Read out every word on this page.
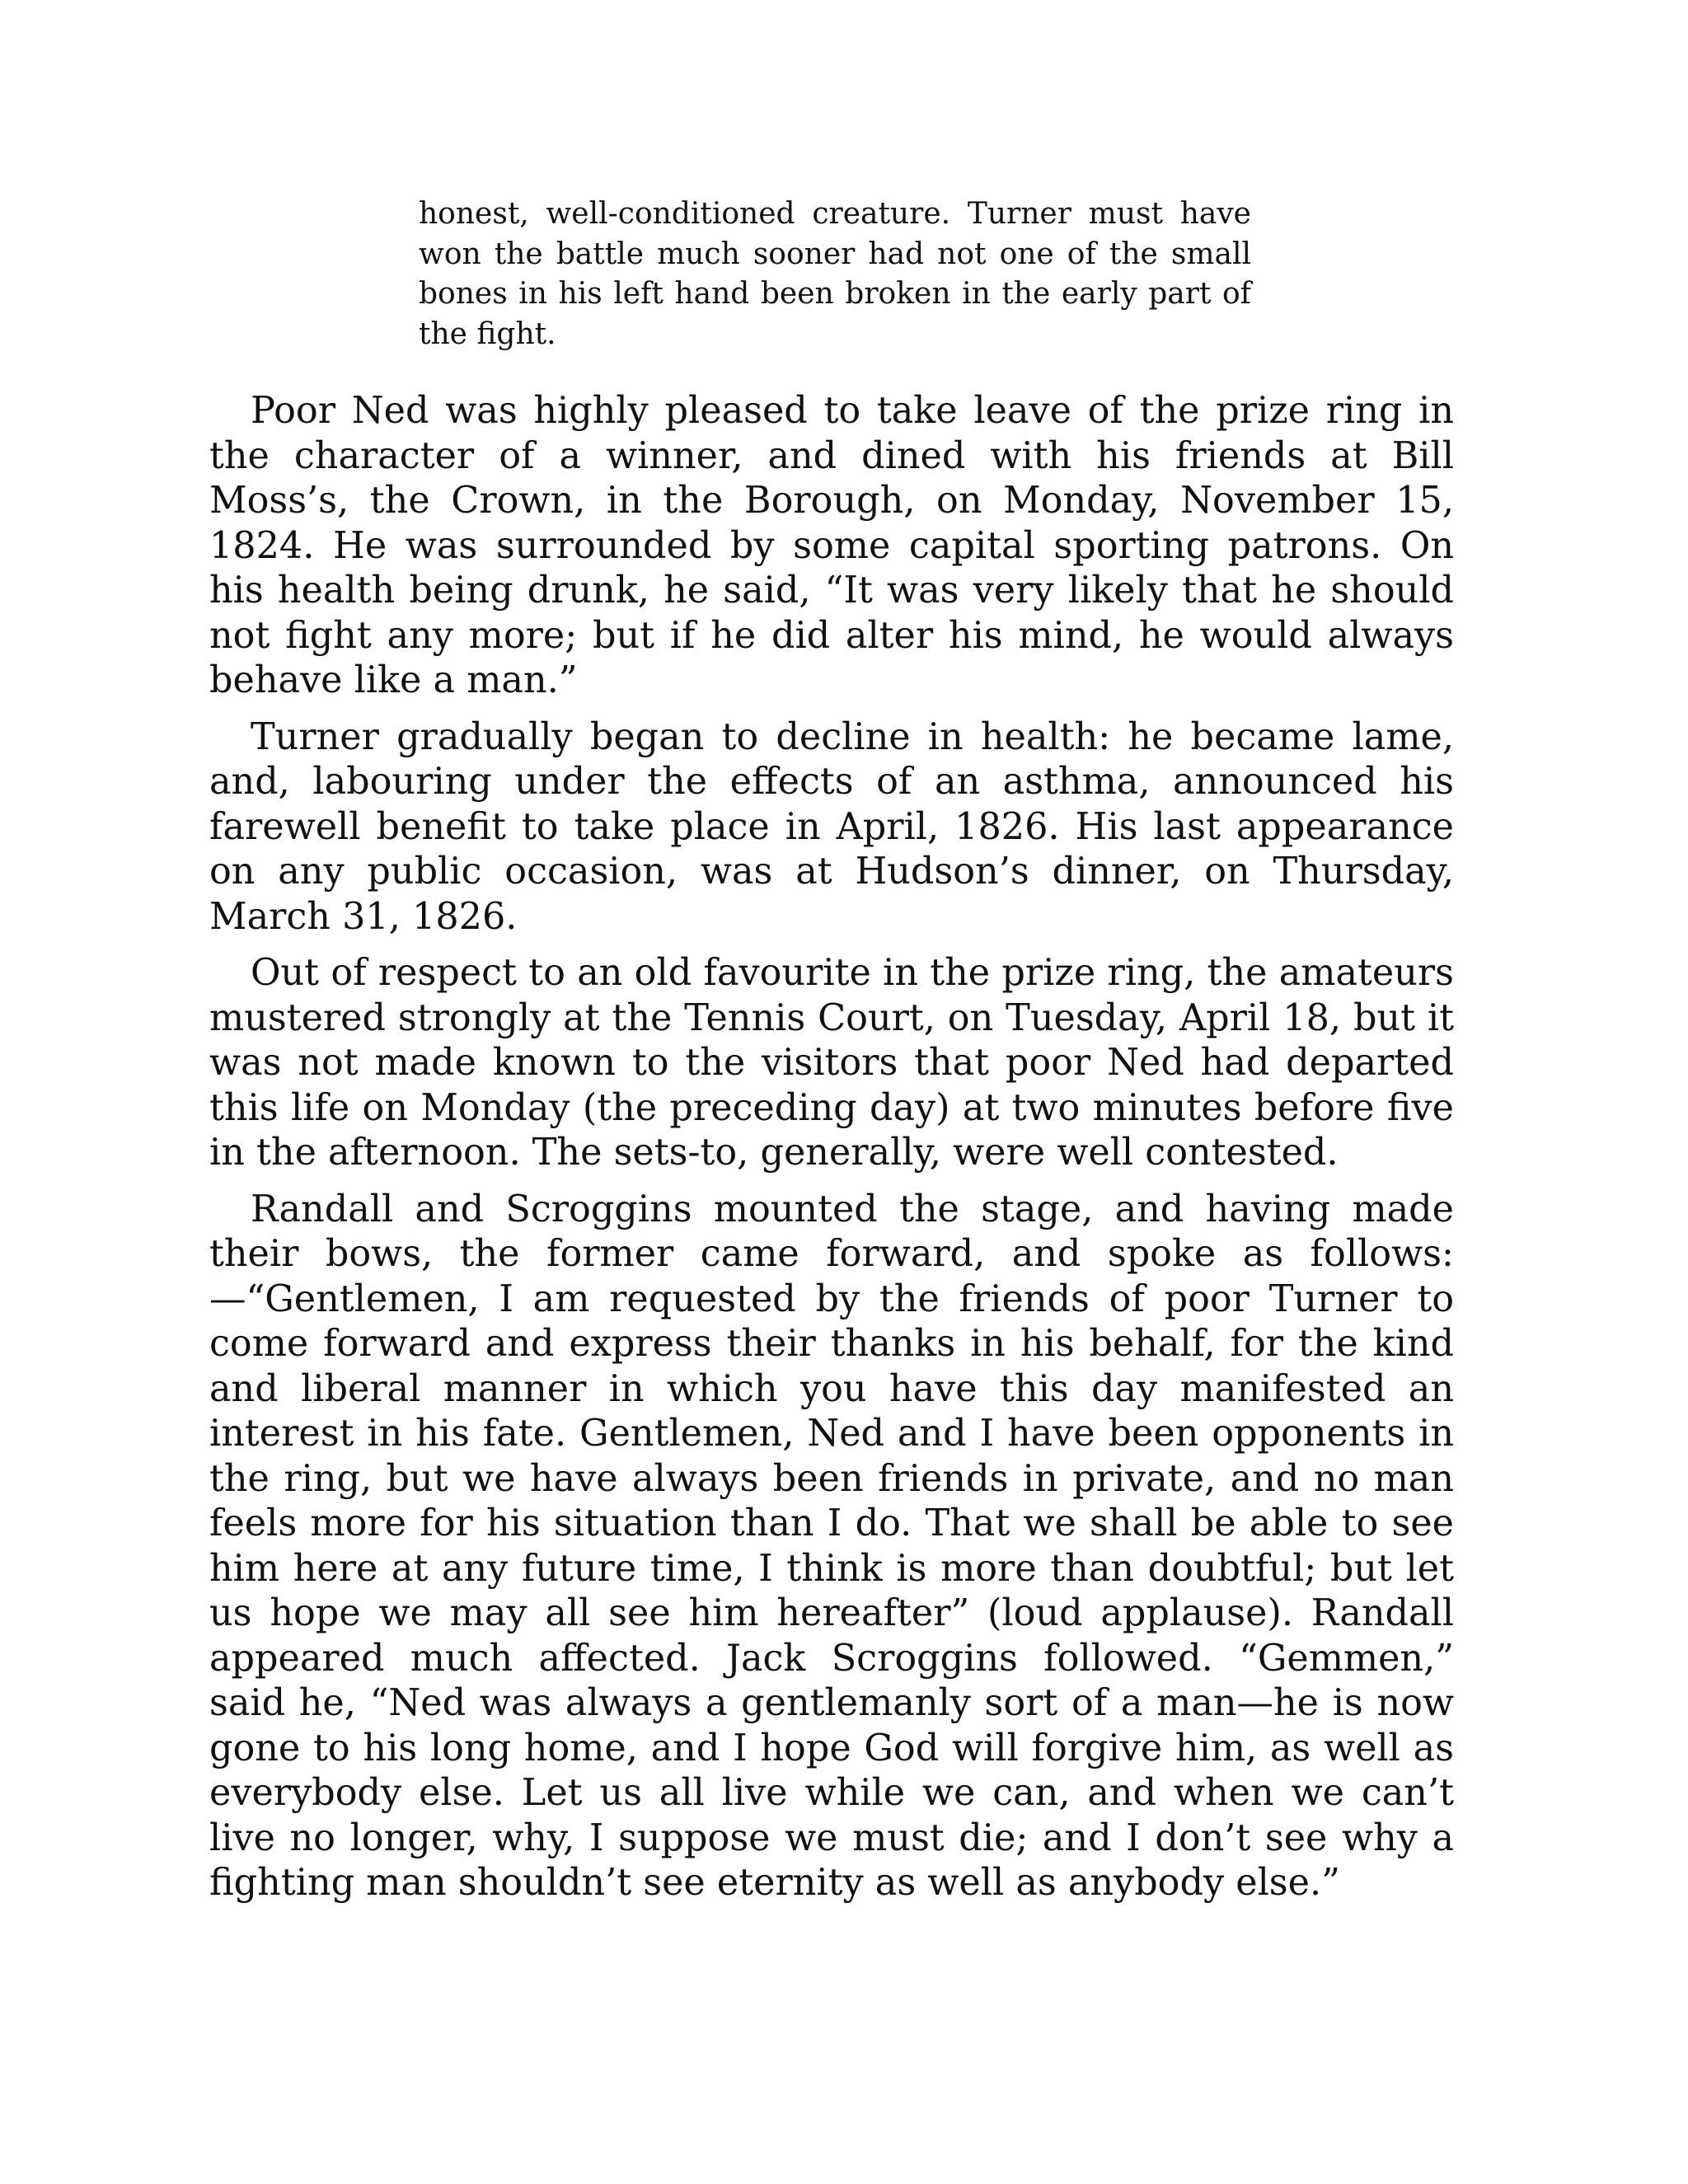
honest, well-conditioned creature. Turner must have won the battle much sooner had not one of the small bones in his left hand been broken in the early part of the fight.

Poor Ned was highly pleased to take leave of the prize ring in the character of a winner, and dined with his friends at Bill Moss’s, the Crown, in the Borough, on Monday, November 15, 1824. He was surrounded by some capital sporting patrons. On his health being drunk, he said, “It was very likely that he should not fight any more; but if he did alter his mind, he would always behave like a man.”

Turner gradually began to decline in health: he became lame, and, labouring under the effects of an asthma, announced his farewell benefit to take place in April, 1826. His last appearance on any public occasion, was at Hudson’s dinner, on Thursday, March 31, 1826.

Out of respect to an old favourite in the prize ring, the amateurs mustered strongly at the Tennis Court, on Tuesday, April 18, but it was not made known to the visitors that poor Ned had departed this life on Monday (the preceding day) at two minutes before five in the afternoon. The sets-to, generally, were well contested.

Randall and Scroggins mounted the stage, and having made their bows, the former came forward, and spoke as follows:—“Gentlemen, I am requested by the friends of poor Turner to come forward and express their thanks in his behalf, for the kind and liberal manner in which you have this day manifested an interest in his fate. Gentlemen, Ned and I have been opponents in the ring, but we have always been friends in private, and no man feels more for his situation than I do. That we shall be able to see him here at any future time, I think is more than doubtful; but let us hope we may all see him hereafter” (loud applause). Randall appeared much affected. Jack Scroggins followed. “Gemmen,” said he, “Ned was always a gentlemanly sort of a man—he is now gone to his long home, and I hope God will forgive him, as well as everybody else. Let us all live while we can, and when we can’t live no longer, why, I suppose we must die; and I don’t see why a fighting man shouldn’t see eternity as well as anybody else.”
